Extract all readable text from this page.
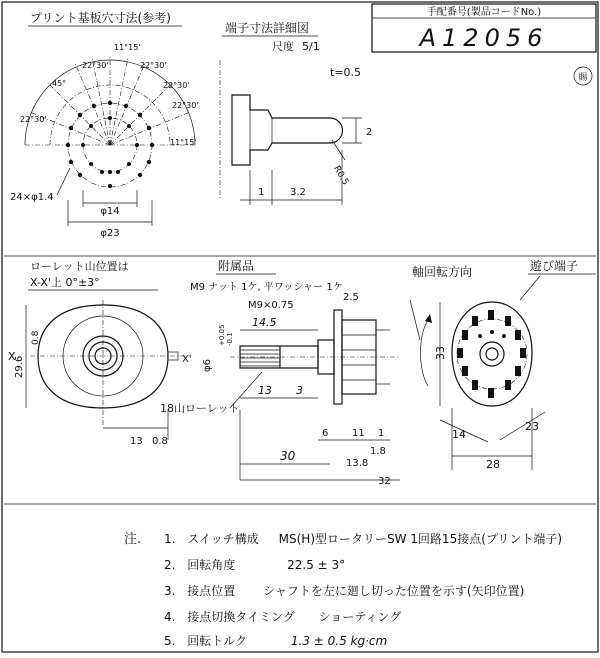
手配番号(製品コードNo.)
A12056
賜
プリント基板穴寸法(参考)
11°15'
22°30'	22°30'
22°30'
22°30'
45°
22°30'
11°15'
24×φ1.4
φ14
φ23
端子寸法詳細図
尺度 5/1
t=0.5
2
R0.5
1	3.2
ローレット山位置は
X-X'上 0°±3°
X
0.8
29.6
13 0.8
附属品
M9 ナット 1ケ, 平ワッシャー 1ケ
M9×0.75
2.5
14.5
X' φ6
+0.05 -0.1
13 3
18山ローレット
6 11 1
1.8
30
13.8
32
軸回転方向	遊び端子
33
14
23
28
注. 1. スイッチ構成 MS(H)型ロータリーSW 1回路15接点(プリント端子)
2. 回転角度	22.5 ± 3°
3. 接点位置 シャフトを左に廻し切った位置を示す(矢印位置)
4. 接点切換タイミング ショーティング
5. 回転トルク	1.3 ± 0.5 kg·cm
